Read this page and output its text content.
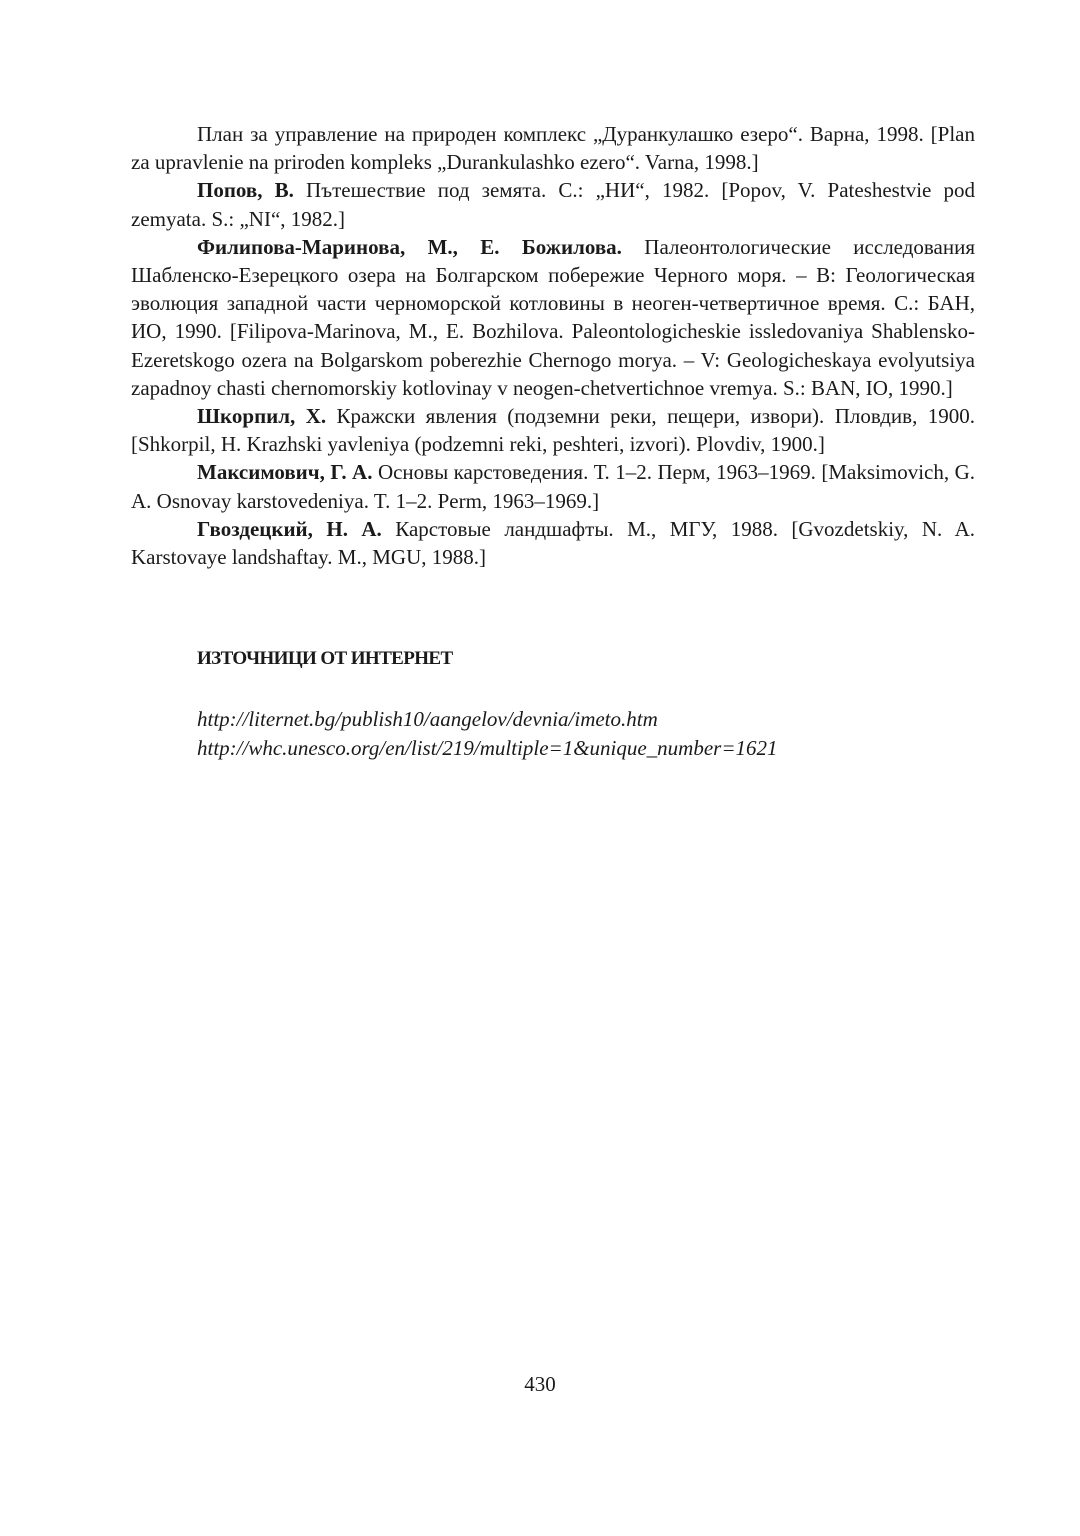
План за управление на природен комплекс „Дуранкулашко езеро“. Варна, 1998. [Plan za upravlenie na priroden kompleks „Durankulashko ezero“. Varna, 1998.]

Попов, В. Пътешествие под земята. С.: „НИ“, 1982. [Popov, V. Pateshestvie pod zemyata. S.: „NI“, 1982.]

Филипова-Маринова, М., Е. Божилова. Палеонтологические исследования Шабленско-Езерецкого озера на Болгарском побережие Черного моря. – В: Геологическая эволюция западной части черноморской котловины в неоген-четвертичное время. С.: БАН, ИО, 1990. [Filipova-Marinova, M., E. Bozhilova. Paleontologicheskie issledovaniya Shablensko-Ezeretskogo ozera na Bolgarskom poberezhie Chernogo morya. – V: Geologicheskaya evolyutsiya zapadnoy chasti chernomorskiy kotlovinay v neogen-chetvertichnoe vremya. S.: BAN, IO, 1990.]

Шкорпил, Х. Кражски явления (подземни реки, пещери, извори). Пловдив, 1900. [Shkorpil, H. Krazhski yavleniya (podzemni reki, peshteri, izvori). Plovdiv, 1900.]

Максимович, Г. А. Основы карстоведения. Т. 1–2. Перм, 1963–1969. [Maksimovich, G. A. Osnovay karstovedeniya. T. 1–2. Perm, 1963–1969.]

Гвоздецкий, Н. А. Карстовые ландшафты. М., МГУ, 1988. [Gvozdetskiy, N. A. Karstovaye landshaftay. M., MGU, 1988.]

ИЗТОЧНИЦИ ОТ ИНТЕРНЕТ
http://liternet.bg/publish10/aangelov/devnia/imeto.htm
http://whc.unesco.org/en/list/219/multiple=1&unique_number=1621
430
